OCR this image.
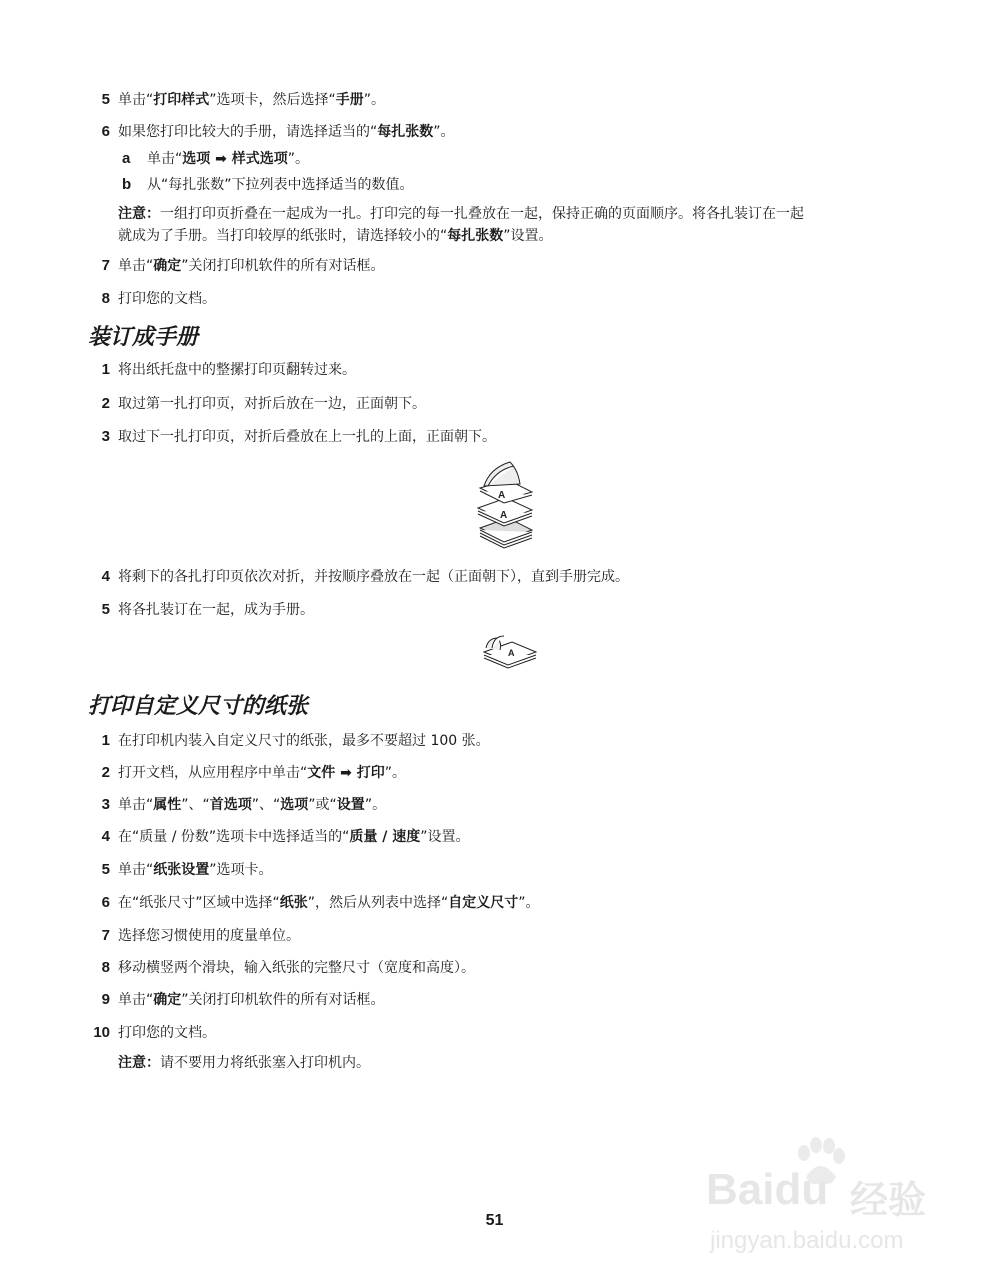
5 单击“打印样式”选项卡，然后选择“手册”。
6 如果您打印比较大的手册，请选择适当的“每扎张数”。
a 单击“选项 ➡ 样式选项”。
b 从“每扎张数”下拉列表中选择适当的数值。
注意：一组打印页折叠在一起成为一扎。打印完的每一扎叠放在一起，保持正确的页面顺序。将各扎装订在一起
就成为了手册。当打印较厚的纸张时，请选择较小的“每扎张数”设置。
7 单击“确定”关闭打印机软件的所有对话框。
8 打印您的文档。
装订成手册
1 将出纸托盘中的整摞打印页翻转过来。
2 取过第一扎打印页，对折后放在一边，正面朝下。
3 取过下一扎打印页，对折后叠放在上一扎的上面，正面朝下。
A
A
4 将剩下的各扎打印页依次对折，并按顺序叠放在一起（正面朝下），直到手册完成。
5 将各扎装订在一起，成为手册。
A
打印自定义尺寸的纸张
1 在打印机内装入自定义尺寸的纸张，最多不要超过 100 张。
2 打开文档，从应用程序中单击“文件 ➡ 打印”。
3 单击“属性”、“首选项”、“选项”或“设置”。
4 在“质量 / 份数”选项卡中选择适当的“质量 / 速度”设置。
5 单击“纸张设置”选项卡。
6 在“纸张尺寸”区域中选择“纸张”，然后从列表中选择“自定义尺寸”。
7 选择您习惯使用的度量单位。
8 移动横竖两个滑块，输入纸张的完整尺寸（宽度和高度）。
9 单击“确定”关闭打印机软件的所有对话框。
10 打印您的文档。
注意：请不要用力将纸张塞入打印机内。
Baidu 经验
jingyan.baidu.com
51
